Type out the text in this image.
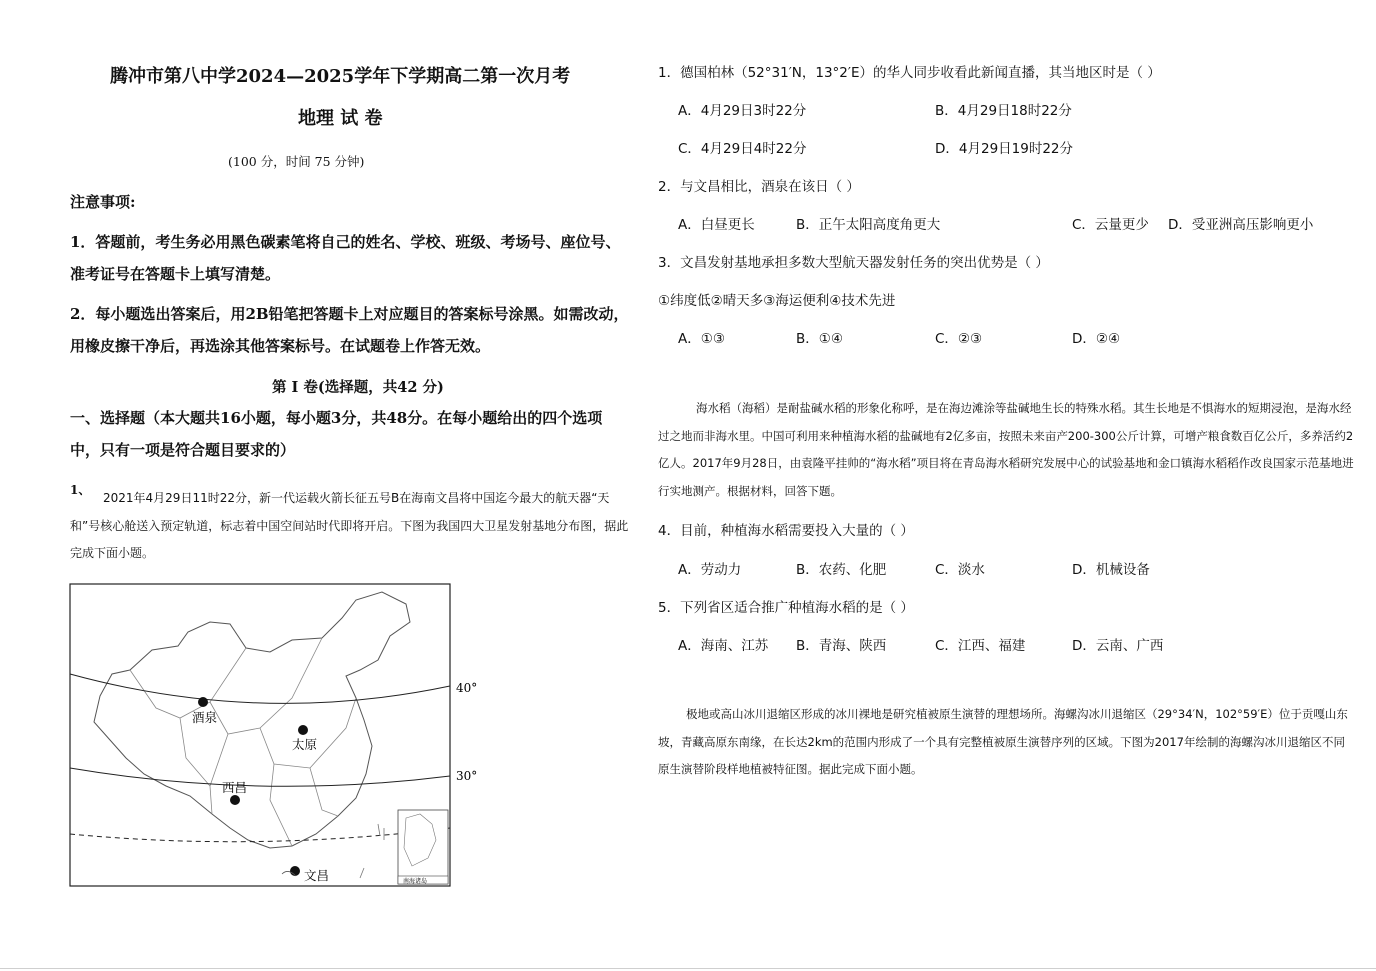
腾冲市第八中学2024—2025学年下学期高二第一次月考
地理 试 卷
(100 分，时间 75 分钟)
注意事项:
1．答题前，考生务必用黑色碳素笔将自己的姓名、学校、班级、考场号、座位号、准考证号在答题卡上填写清楚。
2．每小题选出答案后，用2B铅笔把答题卡上对应题目的答案标号涂黑。如需改动，用橡皮擦干净后，再选涂其他答案标号。在试题卷上作答无效。
第 I 卷(选择题，共42 分)
一、选择题（本大题共16小题，每小题3分，共48分。在每小题给出的四个选项中，只有一项是符合题目要求的）
1、
2021年4月29日11时22分，新一代运载火箭长征五号B在海南文昌将中国迄今最大的航天器“天和”号核心舱送入预定轨道，标志着中国空间站时代即将开启。下图为我国四大卫星发射基地分布图，据此完成下面小题。
40°
30°
酒泉
太原
西昌
文昌	南海诸岛
1．德国柏林（52°31′N，13°2′E）的华人同步收看此新闻直播，其当地区时是（ ）
A．4月29日3时22分	B．4月29日18时22分
C．4月29日4时22分	D．4月29日19时22分
2．与文昌相比，酒泉在该日（ ）
A．白昼更长	B．正午太阳高度角更大	C．云量更少 D．受亚洲高压影响更小
3．文昌发射基地承担多数大型航天器发射任务的突出优势是（ ）
①纬度低②晴天多③海运便利④技术先进
A．①③	B．①④	C．②③	D．②④
海水稻（海稻）是耐盐碱水稻的形象化称呼，是在海边滩涂等盐碱地生长的特殊水稻。其生长地是不惧海水的短期浸泡，是海水经过之地而非海水里。中国可利用来种植海水稻的盐碱地有2亿多亩，按照未来亩产200-300公斤计算，可增产粮食数百亿公斤，多养活约2亿人。2017年9月28日，由袁隆平挂帅的“海水稻”项目将在青岛海水稻研究发展中心的试验基地和金口镇海水稻稻作改良国家示范基地进行实地测产。根据材料，回答下题。
4．目前，种植海水稻需要投入大量的（ ）
A．劳动力	B．农药、化肥	C．淡水	D．机械设备
5．下列省区适合推广种植海水稻的是（ ）
A．海南、江苏 B．青海、陕西	C．江西、福建	D．云南、广西
极地或高山冰川退缩区形成的冰川裸地是研究植被原生演替的理想场所。海螺沟冰川退缩区（29°34′N，102°59′E）位于贡嘎山东坡，青藏高原东南缘，在长达2km的范围内形成了一个具有完整植被原生演替序列的区域。下图为2017年绘制的海螺沟冰川退缩区不同原生演替阶段样地植被特征图。据此完成下面小题。
